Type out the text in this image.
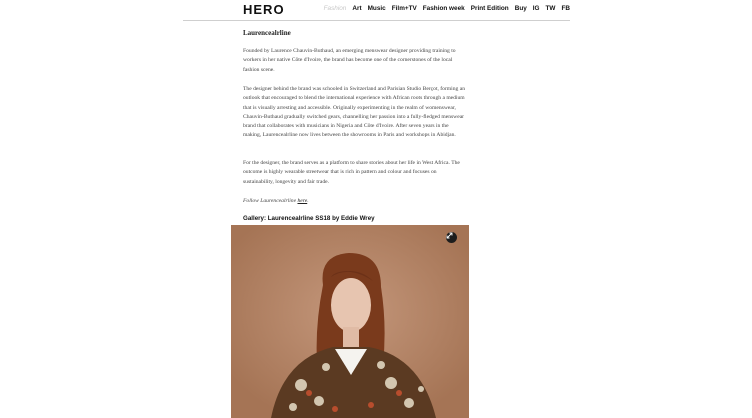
HERO	Fashion Art Music Film+TV Fashion week Print Edition Buy IG TW FB
Laurencealrline

Founded by Laurence Chauvin-Buthaud, an emerging menswear designer providing training to workers in her native Côte d'Ivoire, the brand has become one of the cornerstones of the local fashion scene.

The designer behind the brand was schooled in Switzerland and Parisian Studio Berçot, forming an outlook that encouraged to blend the international experience with African roots through a medium that is visually arresting and accessible. Originally experimenting in the realm of womenswear, Chauvin-Buthaud gradually switched gears, channelling her passion into a fully-fledged menswear brand that collaborates with musicians in Nigeria and Côte d'Ivoire. After seven years in the making, Laurencealrline now lives between the showrooms in Paris and workshops in Abidjan.

For the designer, the brand serves as a platform to share stories about her life in West Africa. The outcome is highly wearable streetwear that is rich in pattern and colour and focuses on sustainability, longevity and fair trade.

Follow Laurencealrline here.

Gallery: Laurencealrline SS18 by Eddie Wrey
